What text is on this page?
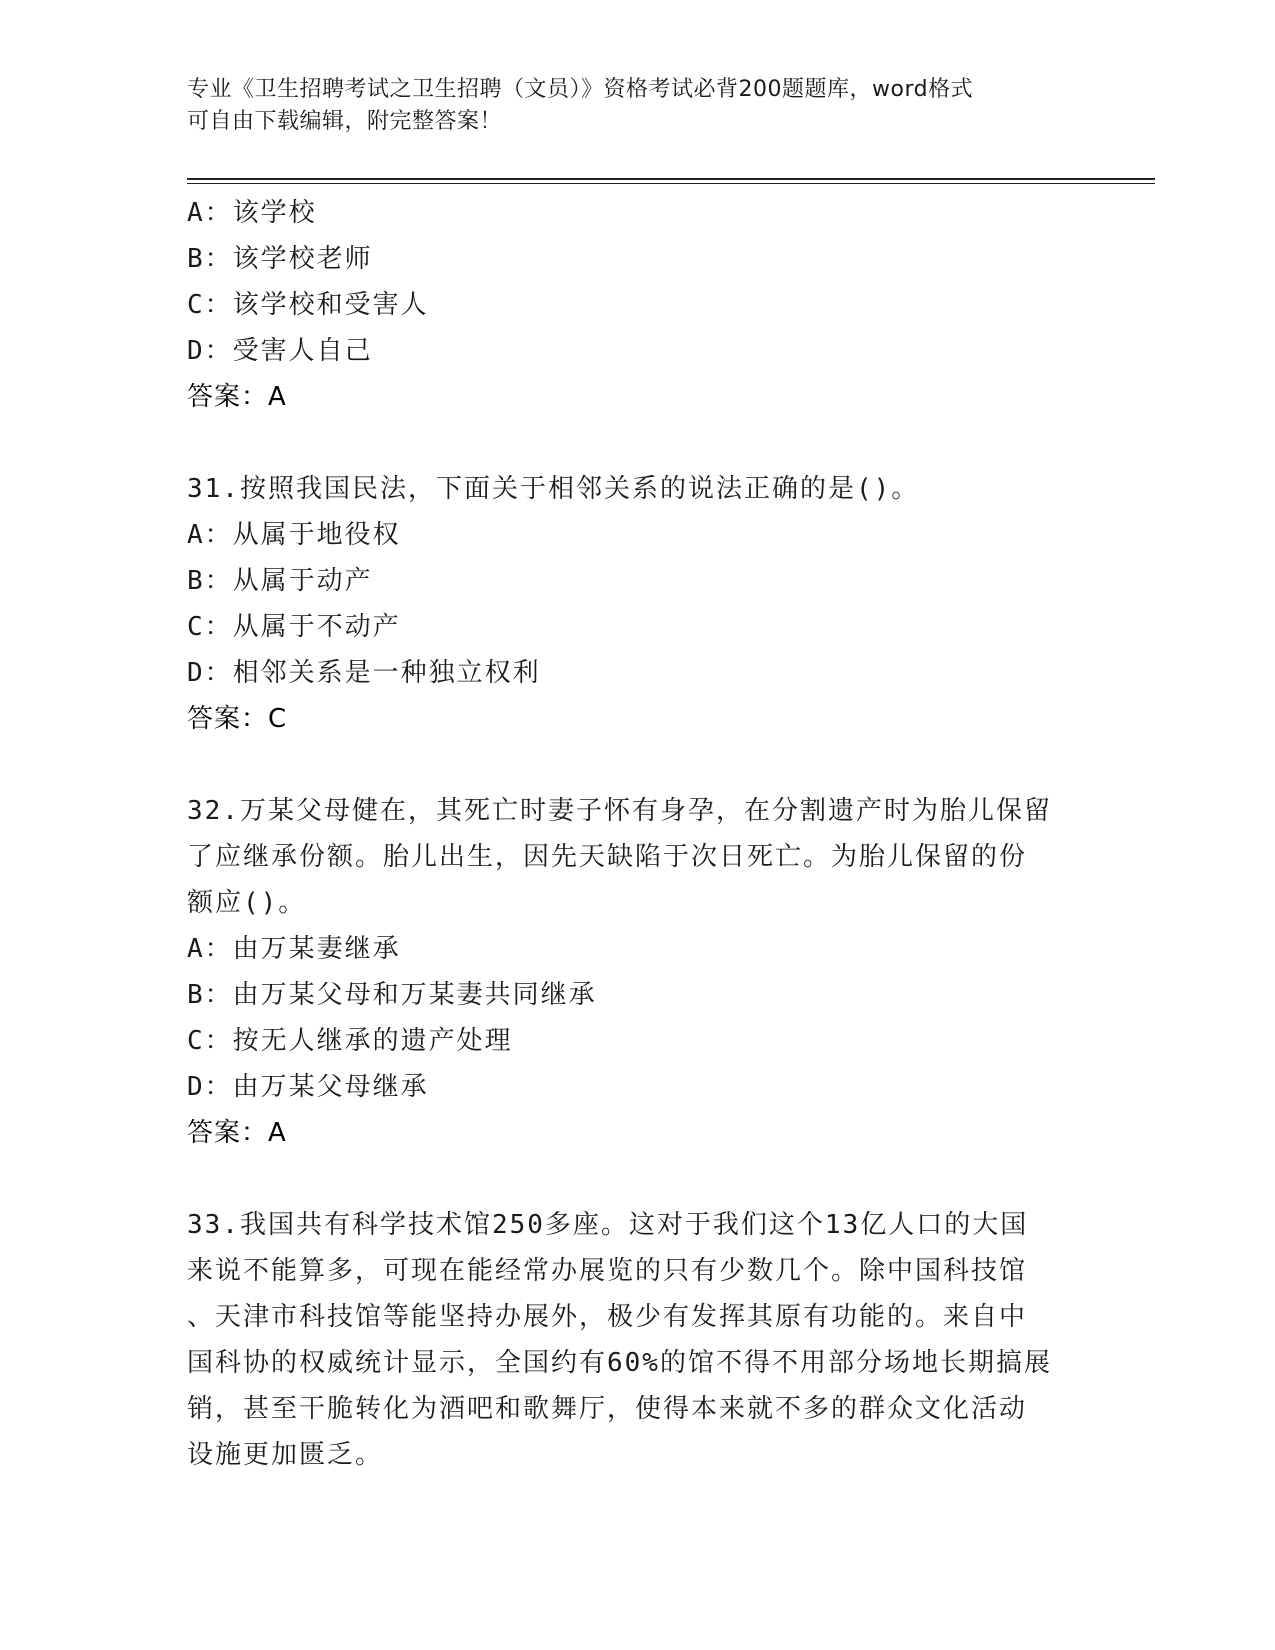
专业《卫生招聘考试之卫生招聘（文员）》资格考试必背200题题库，word格式
可自由下载编辑，附完整答案！
A：该学校
B：该学校老师
C：该学校和受害人
D：受害人自己
答案：A
31.按照我国民法，下面关于相邻关系的说法正确的是()。
A：从属于地役权
B：从属于动产
C：从属于不动产
D：相邻关系是一种独立权利
答案：C
32.万某父母健在，其死亡时妻子怀有身孕，在分割遗产时为胎儿保留
了应继承份额。胎儿出生，因先天缺陷于次日死亡。为胎儿保留的份
额应()。
A：由万某妻继承
B：由万某父母和万某妻共同继承
C：按无人继承的遗产处理
D：由万某父母继承
答案：A
33.我国共有科学技术馆250多座。这对于我们这个13亿人口的大国
来说不能算多，可现在能经常办展览的只有少数几个。除中国科技馆
、天津市科技馆等能坚持办展外，极少有发挥其原有功能的。来自中
国科协的权威统计显示，全国约有60%的馆不得不用部分场地长期搞展
销，甚至干脆转化为酒吧和歌舞厅，使得本来就不多的群众文化活动
设施更加匮乏。
